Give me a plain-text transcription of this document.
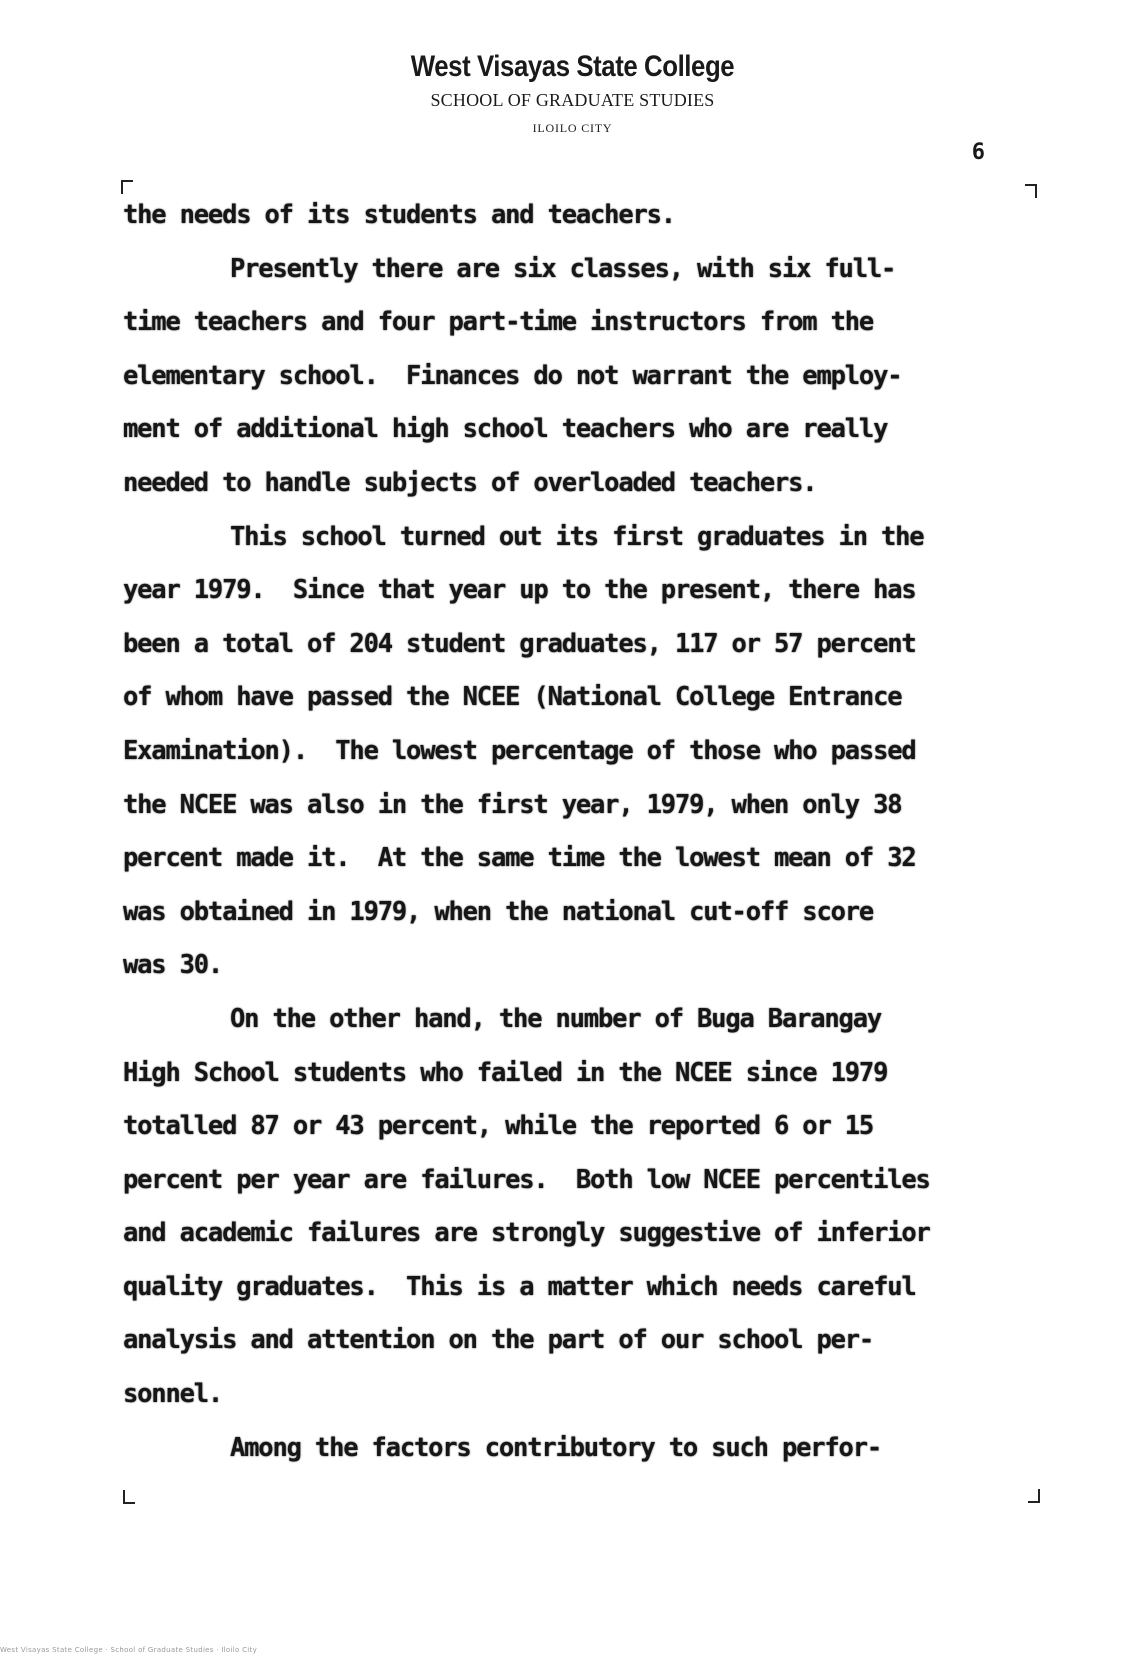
West Visayas State College
SCHOOL OF GRADUATE STUDIES
ILOILO CITY
6
the needs of its students and teachers.
Presently there are six classes, with six full-
time teachers and four part-time instructors from the
elementary school.  Finances do not warrant the employ-
ment of additional high school teachers who are really
needed to handle subjects of overloaded teachers.
This school turned out its first graduates in the
year 1979.  Since that year up to the present, there has
been a total of 204 student graduates, 117 or 57 percent
of whom have passed the NCEE (National College Entrance
Examination).  The lowest percentage of those who passed
the NCEE was also in the first year, 1979, when only 38
percent made it.  At the same time the lowest mean of 32
was obtained in 1979, when the national cut-off score
was 30.
On the other hand, the number of Buga Barangay
High School students who failed in the NCEE since 1979
totalled 87 or 43 percent, while the reported 6 or 15
percent per year are failures.  Both low NCEE percentiles
and academic failures are strongly suggestive of inferior
quality graduates.  This is a matter which needs careful
analysis and attention on the part of our school per-
sonnel.
Among the factors contributory to such perfor-
West Visayas State College · School of Graduate Studies · Iloilo City
